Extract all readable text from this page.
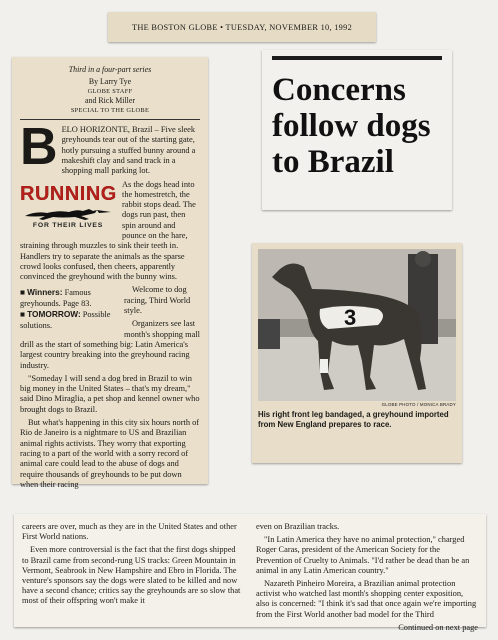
THE BOSTON GLOBE • TUESDAY, NOVEMBER 10, 1992
Third in a four-part series
By Larry Tye
GLOBE STAFF
and Rick Miller
SPECIAL TO THE GLOBE
B ELO HORIZONTE, Brazil – Five sleek greyhounds tear out of the starting gate, hotly pursuing a stuffed bunny around a makeshift clay and sand track in a shopping mall parking lot.

RUNNING
FOR THEIR LIVES

As the dogs head into the homestretch, the rabbit stops dead. The dogs run past, then spin around and pounce on the hare, straining through muzzles to sink their teeth in. Handlers try to separate the animals as the sparse crowd looks confused, then cheers, apparently convinced the greyhound with the bunny wins.

■ Winners: Famous greyhounds. Page 83.
■ TOMORROW: Possible solutions.

Welcome to dog racing, Third World style.

Organizers see last month's shopping mall drill as the start of something big: Latin America's largest country breaking into the greyhound racing industry.

"Someday I will send a dog bred in Brazil to win big money in the United States – that's my dream," said Dino Miraglia, a pet shop and kennel owner who brought dogs to Brazil.

But what's happening in this city six hours north of Rio de Janeiro is a nightmare to US and Brazilian animal rights activists. They worry that exporting racing to a part of the world with a sorry record of animal care could lead to the abuse of dogs and require thousands of greyhounds to be put down when their racing

Concerns follow dogs to Brazil
3
GLOBE PHOTO / MONICA BRADY
His right front leg bandaged, a greyhound imported from New England prepares to race.

careers are over, much as they are in the United States and other First World nations.

Even more controversial is the fact that the first dogs shipped to Brazil came from second-rung US tracks: Green Mountain in Vermont, Seabrook in New Hampshire and Ebro in Florida. The venture's sponsors say the dogs were slated to be killed and now have a second chance; critics say the greyhounds are so slow that most of their offspring won't make it

even on Brazilian tracks.

"In Latin America they have no animal protection," charged Roger Caras, president of the American Society for the Prevention of Cruelty to Animals. "I'd rather be dead than be an animal in any Latin American country."

Nazareth Pinheiro Moreira, a Brazilian animal protection activist who watched last month's shopping center exposition, also is concerned: "I think it's sad that once again we're importing from the First World another bad model for the Third

Continued on next page
